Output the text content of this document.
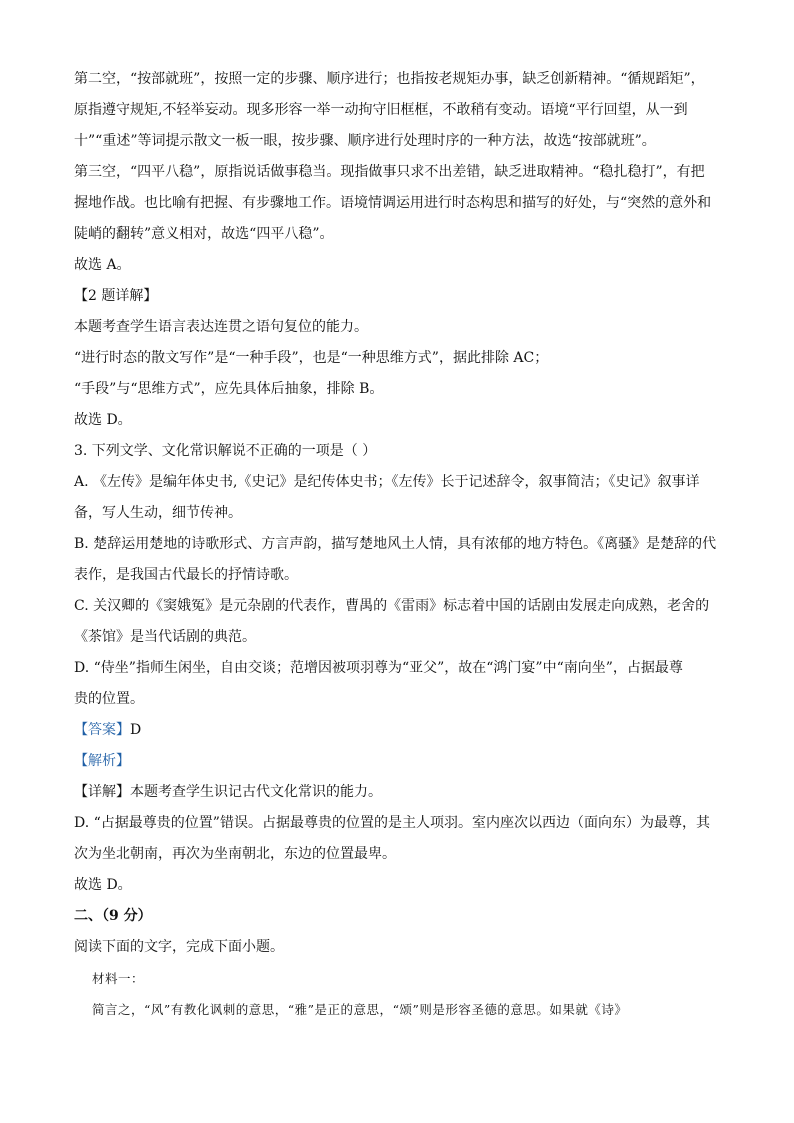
第二空，“按部就班”，按照一定的步骤、顺序进行；也指按老规矩办事，缺乏创新精神。“循规蹈矩”，
原指遵守规矩,不轻举妄动。现多形容一举一动拘守旧框框，不敢稍有变动。语境“平行回望，从一到
十”“重述”等词提示散文一板一眼，按步骤、顺序进行处理时序的一种方法，故选“按部就班”。
第三空，“四平八稳”，原指说话做事稳当。现指做事只求不出差错，缺乏进取精神。“稳扎稳打”，有把
握地作战。也比喻有把握、有步骤地工作。语境情调运用进行时态构思和描写的好处，与“突然的意外和
陡峭的翻转”意义相对，故选“四平八稳”。
故选 A。
【2 题详解】
本题考查学生语言表达连贯之语句复位的能力。
“进行时态的散文写作”是“一种手段”，也是“一种思维方式”，据此排除 AC；
“手段”与“思维方式”，应先具体后抽象，排除 B。
故选 D。
3. 下列文学、文化常识解说不正确的一项是（ ）
A. 《左传》是编年体史书,《史记》是纪传体史书；《左传》长于记述辞令，叙事简洁；《史记》叙事详
备，写人生动，细节传神。
B. 楚辞运用楚地的诗歌形式、方言声韵，描写楚地风土人情，具有浓郁的地方特色。《离骚》是楚辞的代
表作，是我国古代最长的抒情诗歌。
C. 关汉卿的《窦娥冤》是元杂剧的代表作，曹禺的《雷雨》标志着中国的话剧由发展走向成熟，老舍的
《茶馆》是当代话剧的典范。
D. “侍坐”指师生闲坐，自由交谈；范增因被项羽尊为“亚父”，故在“鸿门宴”中“南向坐”，占据最尊
贵的位置。
【答案】D
【解析】
【详解】本题考查学生识记古代文化常识的能力。
D. “占据最尊贵的位置”错误。占据最尊贵的位置的是主人项羽。室内座次以西边（面向东）为最尊，其
次为坐北朝南，再次为坐南朝北，东边的位置最卑。
故选 D。
二、（9 分）
阅读下面的文字，完成下面小题。
材料一：
简言之，“风”有教化讽刺的意思，“雅”是正的意思，“颂”则是形容圣德的意思。如果就《诗》
